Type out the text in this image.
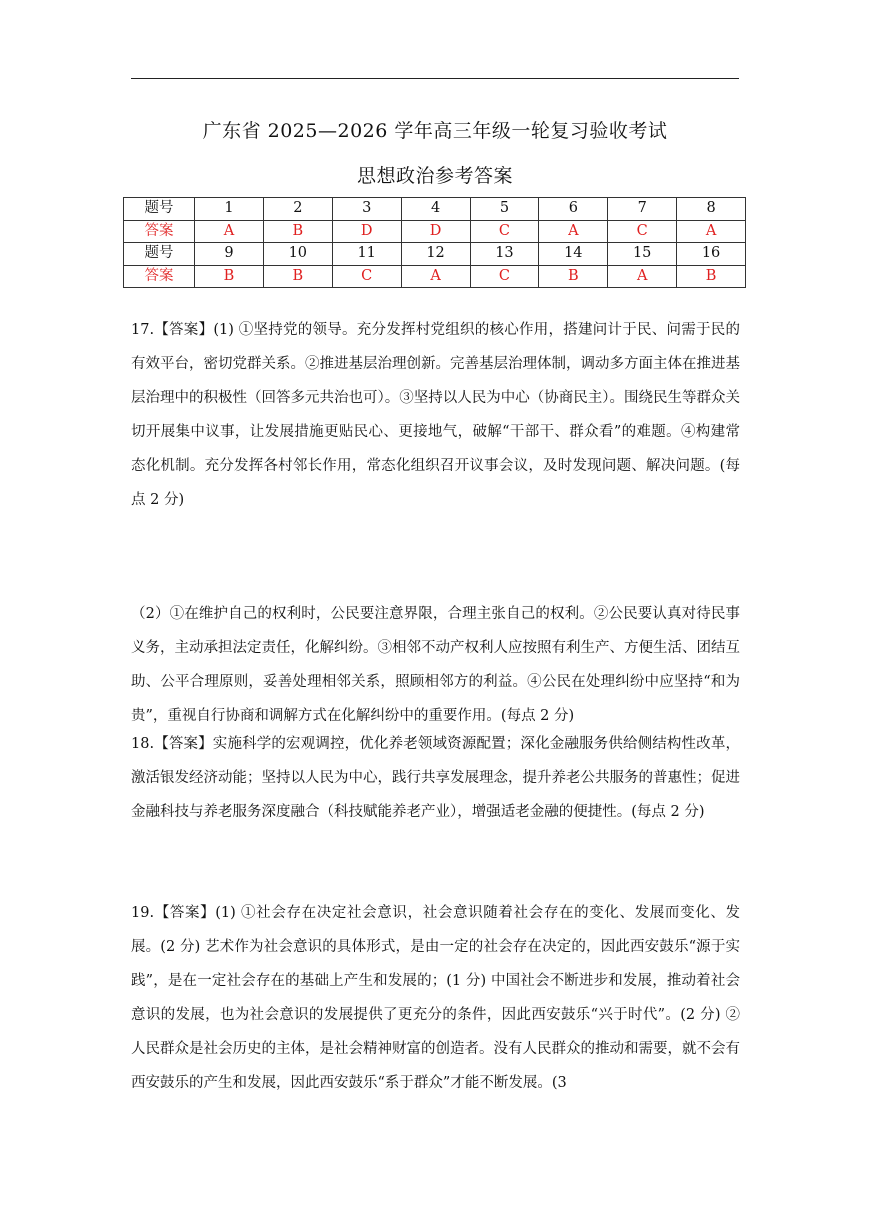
广东省 2025—2026 学年高三年级一轮复习验收考试
思想政治参考答案
题号	1	2	3	4	5	6	7	8
答案	A	B	D	D	C	A	C	A
题号	9	10	11	12	13	14	15	16
答案	B	B	C	A	C	B	A	B

17.【答案】(1) ①坚持党的领导。充分发挥村党组织的核心作用，搭建问计于民、问需于民的有效平台，密切党群关系。②推进基层治理创新。完善基层治理体制，调动多方面主体在推进基层治理中的积极性（回答多元共治也可）。③坚持以人民为中心（协商民主）。围绕民生等群众关切开展集中议事，让发展措施更贴民心、更接地气，破解“干部干、群众看”的难题。④构建常态化机制。充分发挥各村邻长作用，常态化组织召开议事会议，及时发现问题、解决问题。(每点 2 分)

（2）①在维护自己的权利时，公民要注意界限，合理主张自己的权利。②公民要认真对待民事义务，主动承担法定责任，化解纠纷。③相邻不动产权利人应按照有利生产、方便生活、团结互助、公平合理原则，妥善处理相邻关系，照顾相邻方的利益。④公民在处理纠纷中应坚持“和为贵”，重视自行协商和调解方式在化解纠纷中的重要作用。(每点 2 分)

18.【答案】实施科学的宏观调控，优化养老领域资源配置；深化金融服务供给侧结构性改革，激活银发经济动能；坚持以人民为中心，践行共享发展理念，提升养老公共服务的普惠性；促进金融科技与养老服务深度融合（科技赋能养老产业），增强适老金融的便捷性。(每点 2 分)

19.【答案】(1) ①社会存在决定社会意识，社会意识随着社会存在的变化、发展而变化、发展。(2 分) 艺术作为社会意识的具体形式，是由一定的社会存在决定的，因此西安鼓乐“源于实践”，是在一定社会存在的基础上产生和发展的；(1 分) 中国社会不断进步和发展，推动着社会意识的发展，也为社会意识的发展提供了更充分的条件，因此西安鼓乐“兴于时代”。(2 分) ②人民群众是社会历史的主体，是社会精神财富的创造者。没有人民群众的推动和需要，就不会有西安鼓乐的产生和发展，因此西安鼓乐“系于群众”才能不断发展。(3
